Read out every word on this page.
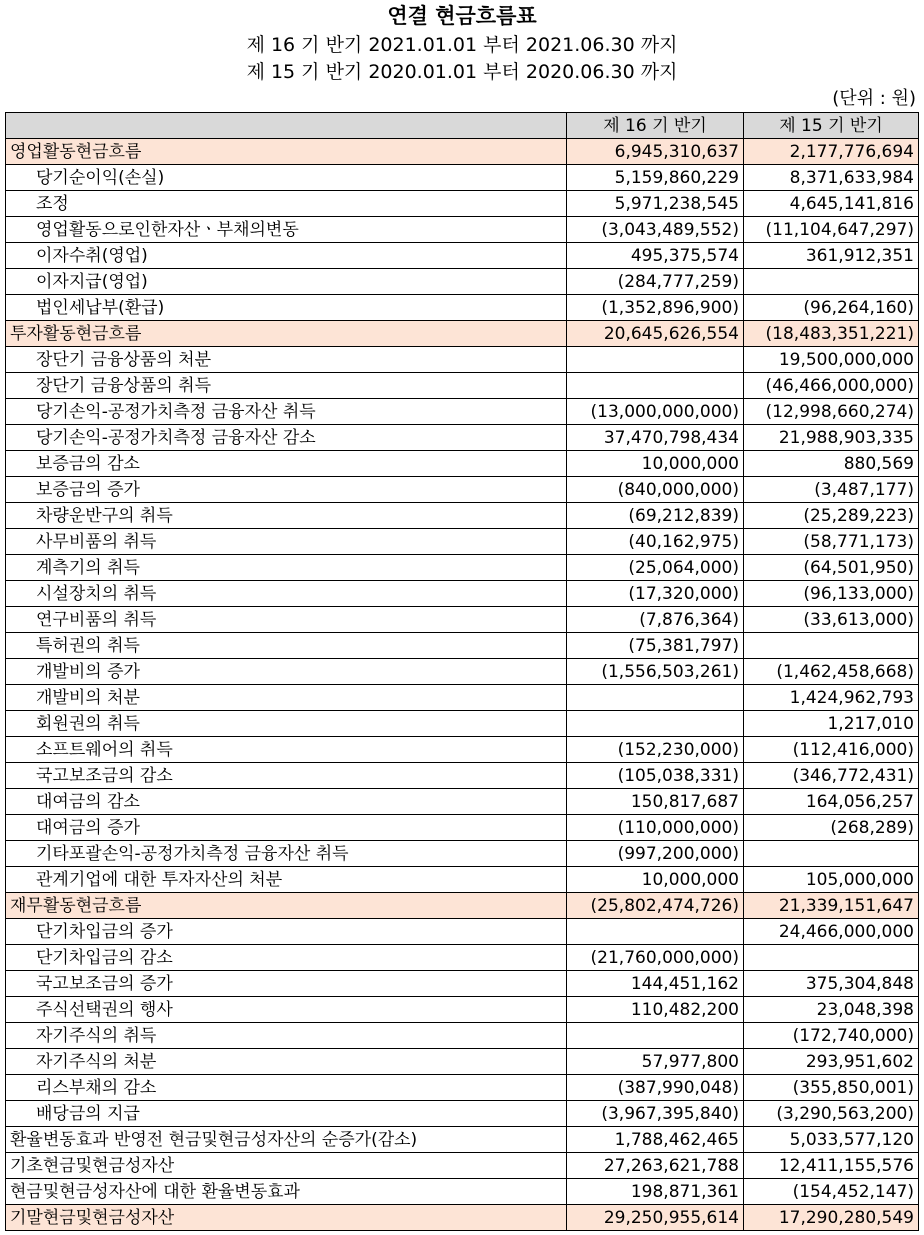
연결 현금흐름표
제 16 기 반기 2021.01.01 부터 2021.06.30 까지
제 15 기 반기 2020.01.01 부터 2020.06.30 까지
(단위 : 원)
	제 16 기 반기	제 15 기 반기
영업활동현금흐름	6,945,310,637	2,177,776,694
당기순이익(손실)	5,159,860,229	8,371,633,984
조정	5,971,238,545	4,645,141,816
영업활동으로인한자산ㆍ부채의변동	(3,043,489,552)	(11,104,647,297)
이자수취(영업)	495,375,574	361,912,351
이자지급(영업)	(284,777,259)	
법인세납부(환급)	(1,352,896,900)	(96,264,160)
투자활동현금흐름	20,645,626,554	(18,483,351,221)
장단기 금융상품의 처분		19,500,000,000
장단기 금융상품의 취득		(46,466,000,000)
당기손익-공정가치측정 금융자산 취득	(13,000,000,000)	(12,998,660,274)
당기손익-공정가치측정 금융자산 감소	37,470,798,434	21,988,903,335
보증금의 감소	10,000,000	880,569
보증금의 증가	(840,000,000)	(3,487,177)
차량운반구의 취득	(69,212,839)	(25,289,223)
사무비품의 취득	(40,162,975)	(58,771,173)
계측기의 취득	(25,064,000)	(64,501,950)
시설장치의 취득	(17,320,000)	(96,133,000)
연구비품의 취득	(7,876,364)	(33,613,000)
특허권의 취득	(75,381,797)	
개발비의 증가	(1,556,503,261)	(1,462,458,668)
개발비의 처분		1,424,962,793
회원권의 취득		1,217,010
소프트웨어의 취득	(152,230,000)	(112,416,000)
국고보조금의 감소	(105,038,331)	(346,772,431)
대여금의 감소	150,817,687	164,056,257
대여금의 증가	(110,000,000)	(268,289)
기타포괄손익-공정가치측정 금융자산 취득	(997,200,000)	
관계기업에 대한 투자자산의 처분	10,000,000	105,000,000
재무활동현금흐름	(25,802,474,726)	21,339,151,647
단기차입금의 증가		24,466,000,000
단기차입금의 감소	(21,760,000,000)	
국고보조금의 증가	144,451,162	375,304,848
주식선택권의 행사	110,482,200	23,048,398
자기주식의 취득		(172,740,000)
자기주식의 처분	57,977,800	293,951,602
리스부채의 감소	(387,990,048)	(355,850,001)
배당금의 지급	(3,967,395,840)	(3,290,563,200)
환율변동효과 반영전 현금및현금성자산의 순증가(감소)	1,788,462,465	5,033,577,120
기초현금및현금성자산	27,263,621,788	12,411,155,576
현금및현금성자산에 대한 환율변동효과	198,871,361	(154,452,147)
기말현금및현금성자산	29,250,955,614	17,290,280,549
